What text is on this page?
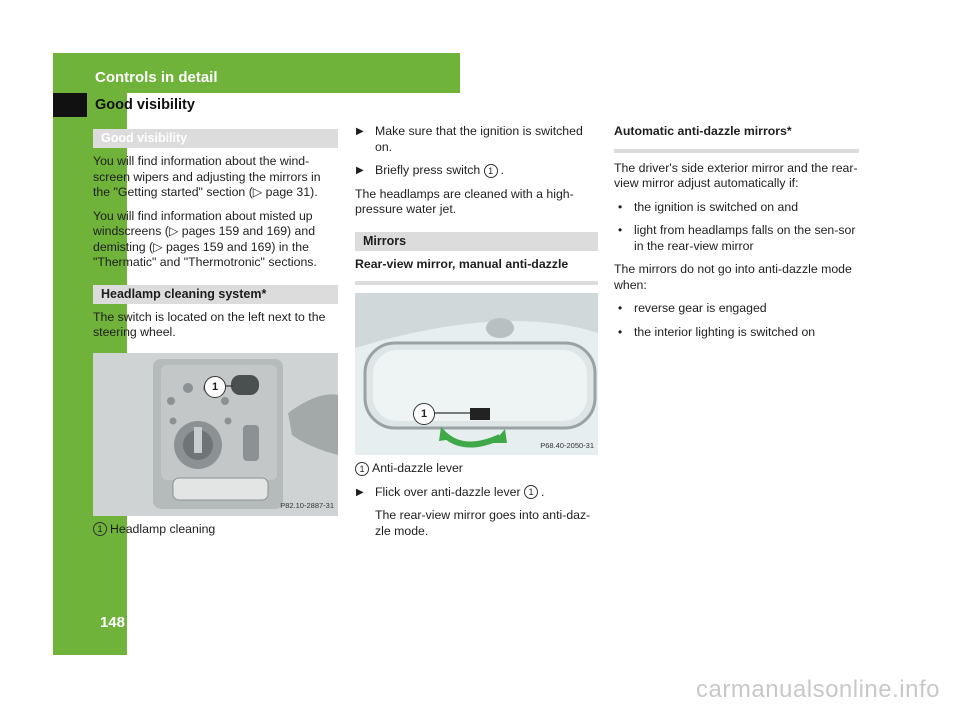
Controls in detail
Good visibility
148
Good visibility

You will find information about the wind-screen wipers and adjusting the mirrors in the "Getting started" section (▷ page 31).

You will find information about misted up windscreens (▷ pages 159 and 169) and demisting (▷ pages 159 and 169) in the "Thermatic" and "Thermotronic" sections.

Headlamp cleaning system*

The switch is located on the left next to the steering wheel.

1
P82.10-2887-31

1 Headlamp cleaning

▶ Make sure that the ignition is switched on.

▶ Briefly press switch 1 .

The headlamps are cleaned with a high-pressure water jet.

Mirrors
Rear-view mirror, manual anti-dazzle
1
P68.40-2050-31

1 Anti-dazzle lever

▶ Flick over anti-dazzle lever 1 .

The rear-view mirror goes into anti-daz-zle mode.

Automatic anti-dazzle mirrors*

The driver's side exterior mirror and the rear-view mirror adjust automatically if:

• the ignition is switched on and
• light from headlamps falls on the sen-sor in the rear-view mirror

The mirrors do not go into anti-dazzle mode when:

• reverse gear is engaged
• the interior lighting is switched on
carmanualsonline.info
